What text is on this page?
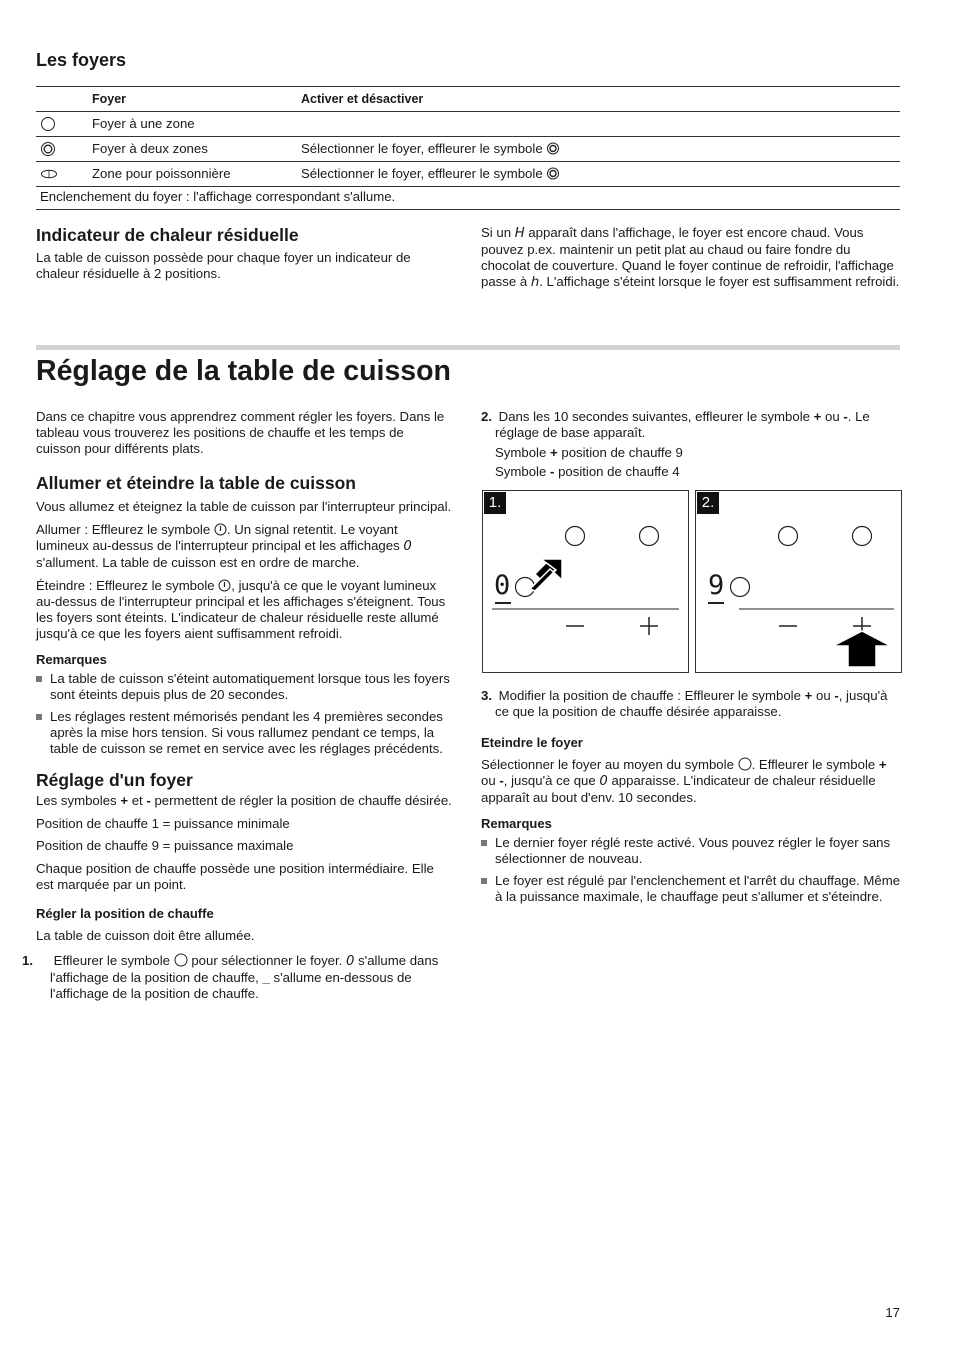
Les foyers
Foyer	Activer et désactiver
Foyer à une zone
Foyer à deux zones	Sélectionner le foyer, effleurer le symbole
Zone pour poissonnière	Sélectionner le foyer, effleurer le symbole
Enclenchement du foyer : l'affichage correspondant s'allume.
Indicateur de chaleur résiduelle

La table de cuisson possède pour chaque foyer un indicateur de chaleur résiduelle à 2 positions.

Si un H apparaît dans l'affichage, le foyer est encore chaud. Vous pouvez p.ex. maintenir un petit plat au chaud ou faire fondre du chocolat de couverture. Quand le foyer continue de refroidir, l'affichage passe à h. L'affichage s'éteint lorsque le foyer est suffisamment refroidi.

Réglage de la table de cuisson

Dans ce chapitre vous apprendrez comment régler les foyers. Dans le tableau vous trouverez les positions de chauffe et les temps de cuisson pour différents plats.

Allumer et éteindre la table de cuisson

Vous allumez et éteignez la table de cuisson par l'interrupteur principal.

Allumer : Effleurez le symbole . Un signal retentit. Le voyant lumineux au-dessus de l'interrupteur principal et les affichages 0 s'allument. La table de cuisson est en ordre de marche.

Éteindre : Effleurez le symbole , jusqu'à ce que le voyant lumineux au-dessus de l'interrupteur principal et les affichages s'éteignent. Tous les foyers sont éteints. L'indicateur de chaleur résiduelle reste allumé jusqu'à ce que les foyers aient suffisamment refroidi.

Remarques
La table de cuisson s'éteint automatiquement lorsque tous les foyers sont éteints depuis plus de 20 secondes.
Les réglages restent mémorisés pendant les 4 premières secondes après la mise hors tension. Si vous rallumez pendant ce temps, la table de cuisson se remet en service avec les réglages précédents.
Réglage d'un foyer

Les symboles + et - permettent de régler la position de chauffe désirée.

Position de chauffe 1 = puissance minimale

Position de chauffe 9 = puissance maximale

Chaque position de chauffe possède une position intermédiaire. Elle est marquée par un point.

Régler la position de chauffe

La table de cuisson doit être allumée.

1. Effleurer le symbole pour sélectionner le foyer. 0 s'allume dans l'affichage de la position de chauffe, _ s'allume en-dessous de l'affichage de la position de chauffe.

2. Dans les 10 secondes suivantes, effleurer le symbole + ou -. Le réglage de base apparaît.

Symbole + position de chauffe 9

Symbole - position de chauffe 4

1.
0
2.
9

3. Modifier la position de chauffe : Effleurer le symbole + ou -, jusqu'à ce que la position de chauffe désirée apparaisse.

Eteindre le foyer

Sélectionner le foyer au moyen du symbole . Effleurer le symbole + ou -, jusqu'à ce que 0 apparaisse. L'indicateur de chaleur résiduelle apparaît au bout d'env. 10 secondes.

Remarques
Le dernier foyer réglé reste activé. Vous pouvez régler le foyer sans sélectionner de nouveau.
Le foyer est régulé par l'enclenchement et l'arrêt du chauffage. Même à la puissance maximale, le chauffage peut s'allumer et s'éteindre.
17
